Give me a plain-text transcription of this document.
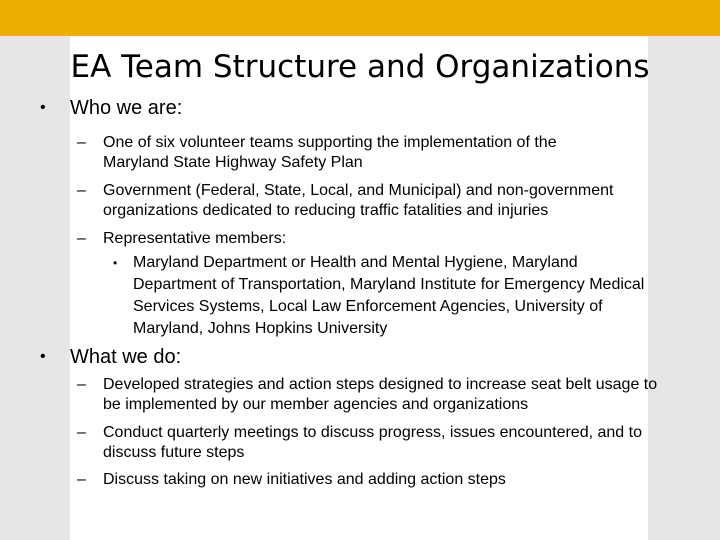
EA Team Structure and Organizations
• Who we are:
– One of six volunteer teams supporting the implementation of the Maryland State Highway Safety Plan
– Government (Federal, State, Local, and Municipal) and non-government organizations dedicated to reducing traffic fatalities and injuries
– Representative members:
• Maryland Department or Health and Mental Hygiene, Maryland Department of Transportation, Maryland Institute for Emergency Medical Services Systems, Local Law Enforcement Agencies, University of Maryland, Johns Hopkins University
• What we do:
– Developed strategies and action steps designed to increase seat belt usage to be implemented by our member agencies and organizations
– Conduct quarterly meetings to discuss progress, issues encountered, and to discuss future steps
– Discuss taking on new initiatives and adding action steps
